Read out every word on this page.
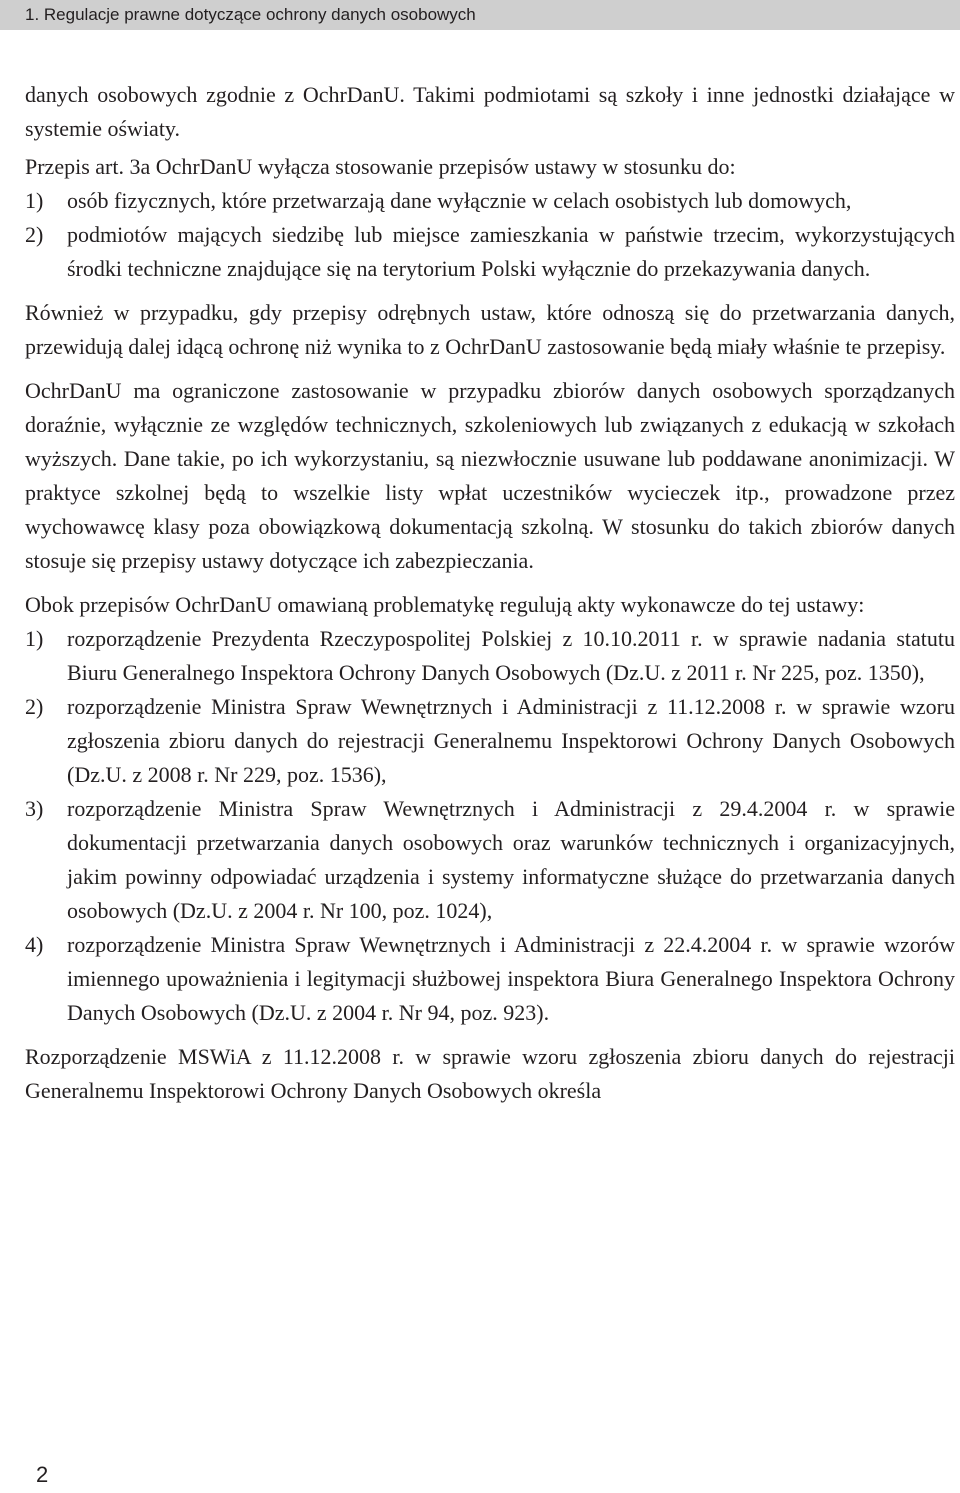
1. Regulacje prawne dotyczące ochrony danych osobowych

danych osobowych zgodnie z OchrDanU. Takimi podmiotami są szkoły i inne jednostki działające w systemie oświaty.

Przepis art. 3a OchrDanU wyłącza stosowanie przepisów ustawy w stosunku do:

1) osób fizycznych, które przetwarzają dane wyłącznie w celach osobistych lub domowych,
2) podmiotów mających siedzibę lub miejsce zamieszkania w państwie trzecim, wykorzystujących środki techniczne znajdujące się na terytorium Polski wyłącznie do przekazywania danych.

Również w przypadku, gdy przepisy odrębnych ustaw, które odnoszą się do przetwarzania danych, przewidują dalej idącą ochronę niż wynika to z OchrDanU zastosowanie będą miały właśnie te przepisy.

OchrDanU ma ograniczone zastosowanie w przypadku zbiorów danych osobowych sporządzanych doraźnie, wyłącznie ze względów technicznych, szkoleniowych lub związanych z edukacją w szkołach wyższych. Dane takie, po ich wykorzystaniu, są niezwłocznie usuwane lub poddawane anonimizacji. W praktyce szkolnej będą to wszelkie listy wpłat uczestników wycieczek itp., prowadzone przez wychowawcę klasy poza obowiązkową dokumentacją szkolną. W stosunku do takich zbiorów danych stosuje się przepisy ustawy dotyczące ich zabezpieczania.

Obok przepisów OchrDanU omawianą problematykę regulują akty wykonawcze do tej ustawy:

1) rozporządzenie Prezydenta Rzeczypospolitej Polskiej z 10.10.2011 r. w sprawie nadania statutu Biuru Generalnego Inspektora Ochrony Danych Osobowych (Dz.U. z 2011 r. Nr 225, poz. 1350),
2) rozporządzenie Ministra Spraw Wewnętrznych i Administracji z 11.12.2008 r. w sprawie wzoru zgłoszenia zbioru danych do rejestracji Generalnemu Inspektorowi Ochrony Danych Osobowych (Dz.U. z 2008 r. Nr 229, poz. 1536),
3) rozporządzenie Ministra Spraw Wewnętrznych i Administracji z 29.4.2004 r. w sprawie dokumentacji przetwarzania danych osobowych oraz warunków technicznych i organizacyjnych, jakim powinny odpowiadać urządzenia i systemy informatyczne służące do przetwarzania danych osobowych (Dz.U. z 2004 r. Nr 100, poz. 1024),
4) rozporządzenie Ministra Spraw Wewnętrznych i Administracji z 22.4.2004 r. w sprawie wzorów imiennego upoważnienia i legitymacji służbowej inspektora Biura Generalnego Inspektora Ochrony Danych Osobowych (Dz.U. z 2004 r. Nr 94, poz. 923).

Rozporządzenie MSWiA z 11.12.2008 r. w sprawie wzoru zgłoszenia zbioru danych do rejestracji Generalnemu Inspektorowi Ochrony Danych Osobowych określa

2
